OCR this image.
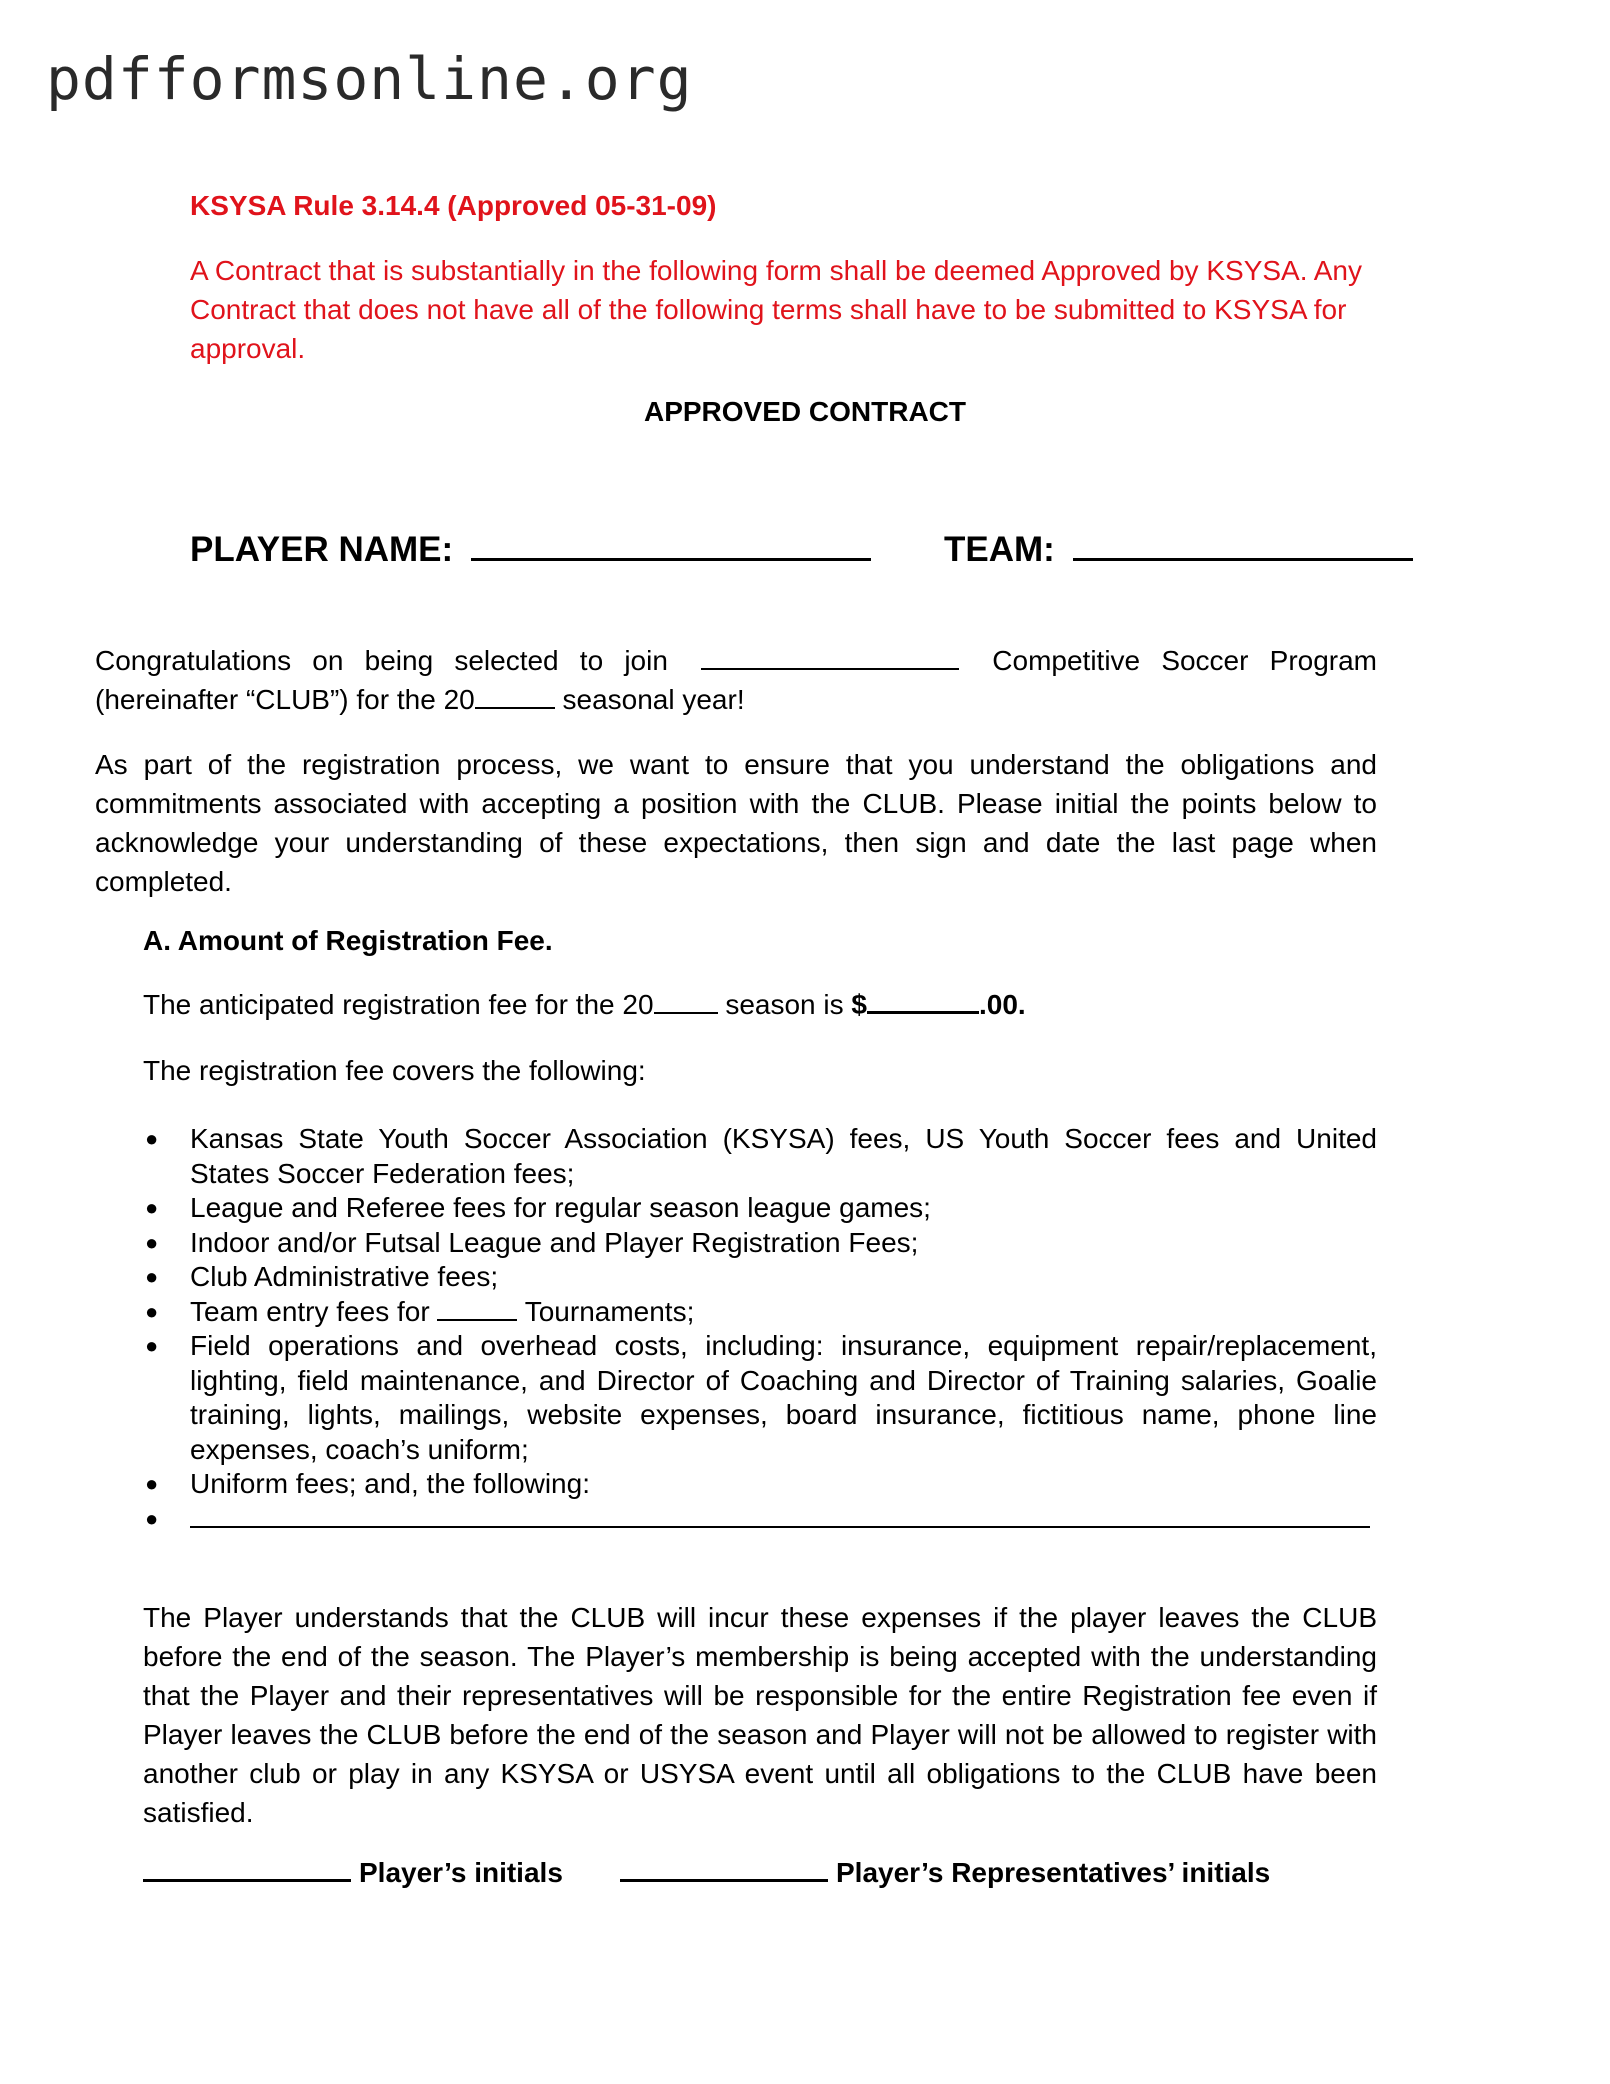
pdfformsonline.org
KSYSA Rule 3.14.4 (Approved 05-31-09)
A Contract that is substantially in the following form shall be deemed Approved by KSYSA. Any Contract that does not have all of the following terms shall have to be submitted to KSYSA for approval.
APPROVED CONTRACT
PLAYER NAME:	TEAM:
Congratulations on being selected to join	Competitive Soccer Program (hereinafter “CLUB”) for the 20	seasonal year!
As part of the registration process, we want to ensure that you understand the obligations and commitments associated with accepting a position with the CLUB. Please initial the points below to acknowledge your understanding of these expectations, then sign and date the last page when completed.
A. Amount of Registration Fee.
The anticipated registration fee for the 20	season is $	.00.
The registration fee covers the following:
● Kansas State Youth Soccer Association (KSYSA) fees, US Youth Soccer fees and United States Soccer Federation fees;
● League and Referee fees for regular season league games;
● Indoor and/or Futsal League and Player Registration Fees;
● Club Administrative fees;
● Team entry fees for	Tournaments;
● Field operations and overhead costs, including: insurance, equipment repair/replacement, lighting, field maintenance, and Director of Coaching and Director of Training salaries, Goalie training, lights, mailings, website expenses, board insurance, fictitious name, phone line expenses, coach’s uniform;
● Uniform fees; and, the following:
●
The Player understands that the CLUB will incur these expenses if the player leaves the CLUB before the end of the season. The Player’s membership is being accepted with the understanding that the Player and their representatives will be responsible for the entire Registration fee even if Player leaves the CLUB before the end of the season and Player will not be allowed to register with another club or play in any KSYSA or USYSA event until all obligations to the CLUB have been satisfied.
Player’s initials	Player’s Representatives’ initials
